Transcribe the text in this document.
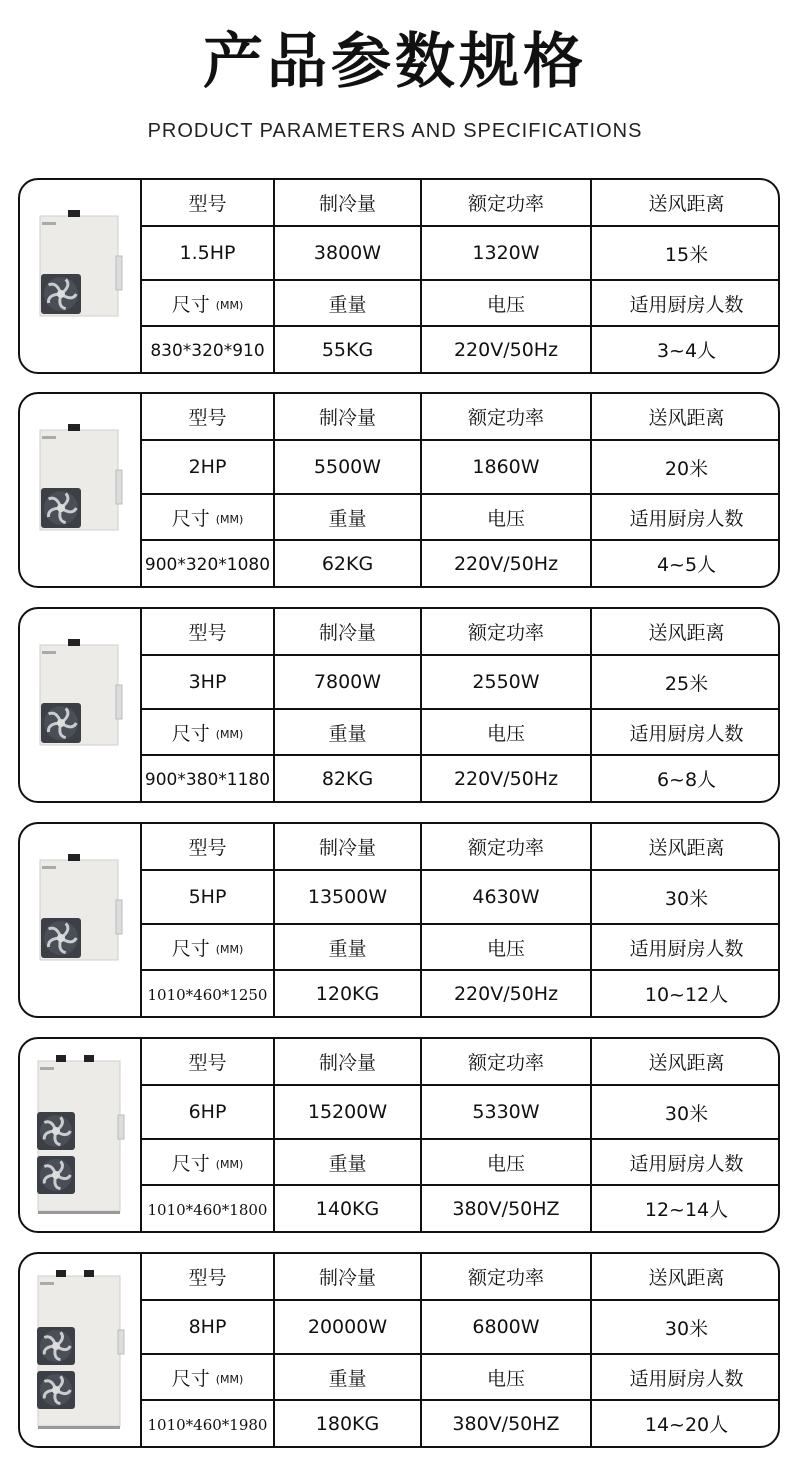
产品参数规格
PRODUCT PARAMETERS AND SPECIFICATIONS
型号	制冷量	额定功率	送风距离
1.5HP	3800W	1320W	15米
尺寸 (MM)	重量	电压	适用厨房人数
830*320*910	55KG	220V/50Hz	3~4人
型号	制冷量	额定功率	送风距离
2HP	5500W	1860W	20米
尺寸 (MM)	重量	电压	适用厨房人数
900*320*1080	62KG	220V/50Hz	4~5人
型号	制冷量	额定功率	送风距离
3HP	7800W	2550W	25米
尺寸 (MM)	重量	电压	适用厨房人数
900*380*1180	82KG	220V/50Hz	6~8人
型号	制冷量	额定功率	送风距离
5HP	13500W	4630W	30米
尺寸 (MM)	重量	电压	适用厨房人数
1010*460*1250	120KG	220V/50Hz	10~12人
型号	制冷量	额定功率	送风距离
6HP	15200W	5330W	30米
尺寸 (MM)	重量	电压	适用厨房人数
1010*460*1800	140KG	380V/50HZ	12~14人
型号	制冷量	额定功率	送风距离
8HP	20000W	6800W	30米
尺寸 (MM)	重量	电压	适用厨房人数
1010*460*1980	180KG	380V/50HZ	14~20人
